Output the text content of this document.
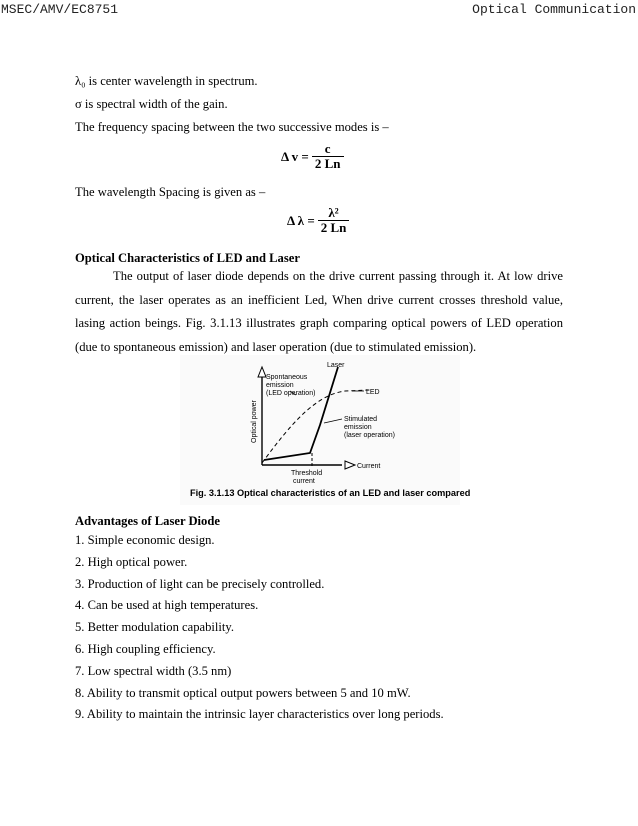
MSEC/AMV/EC8751	Optical Communication
λ₀ is center wavelength in spectrum.
σ is spectral width of the gain.
The frequency spacing between the two successive modes is –
Δ $v = \frac{c}{2 Ln}$
The wavelength Spacing is given as –
Δ $\lambda = \frac{\text{λ²}}{2 Ln}$
Optical Characteristics of LED and Laser
The output of laser diode depends on the drive current passing through it. At low drive current, the laser operates as an inefficient Led, When drive current crosses threshold value, lasing action beings. Fig. 3.1.13 illustrates graph comparing optical powers of LED operation (due to spontaneous emission) and laser operation (due to stimulated emission).
Laser
Spontaneous
emission
(LED operation)	LED
Stimulated
emission
(laser operation)
Optical power
Current
Threshold
current
Fig. 3.1.13 Optical characteristics of an LED and laser compared
Advantages of Laser Diode
1. Simple economic design.
2. High optical power.
3. Production of light can be precisely controlled.
4. Can be used at high temperatures.
5. Better modulation capability.
6. High coupling efficiency.
7. Low spectral width (3.5 nm)
8. Ability to transmit optical output powers between 5 and 10 mW.
9. Ability to maintain the intrinsic layer characteristics over long periods.
